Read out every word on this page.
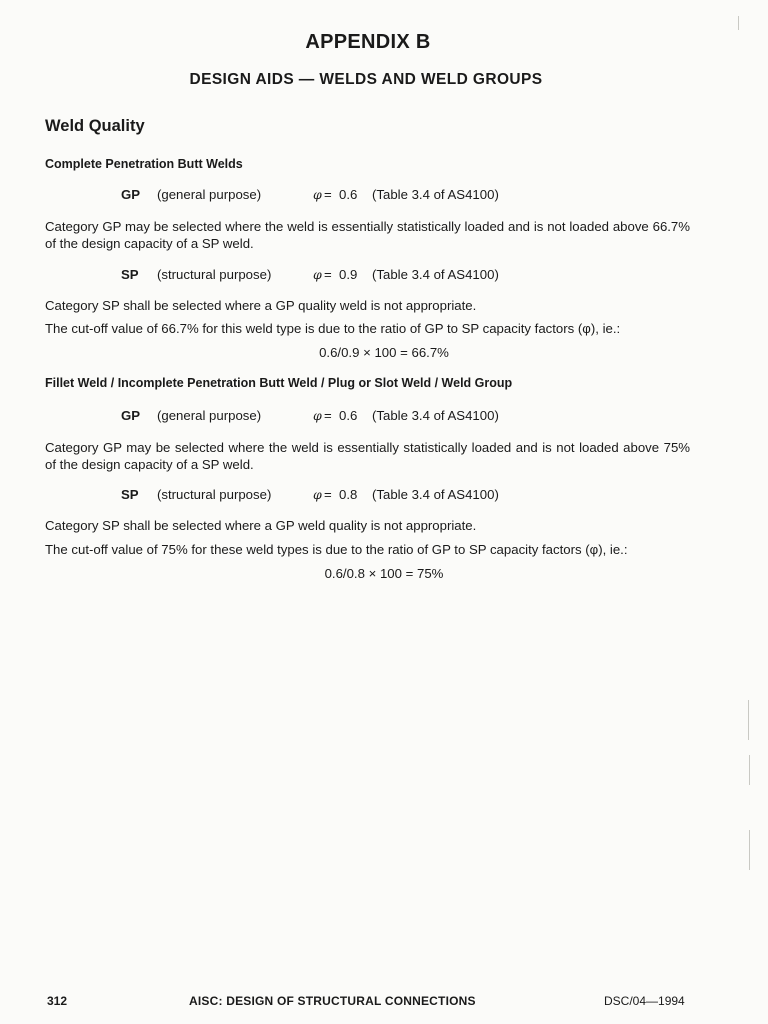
APPENDIX B
DESIGN AIDS — WELDS AND WELD GROUPS
Weld Quality
Complete Penetration Butt Welds
GP (general purpose)	φ = 0.6 (Table 3.4 of AS4100)
Category GP may be selected where the weld is essentially statistically loaded and is not loaded above 66.7% of the design capacity of a SP weld.
SP (structural purpose)	φ = 0.9 (Table 3.4 of AS4100)
Category SP shall be selected where a GP quality weld is not appropriate.
The cut-off value of 66.7% for this weld type is due to the ratio of GP to SP capacity factors (φ), ie.:
0.6/0.9 × 100 = 66.7%
Fillet Weld / Incomplete Penetration Butt Weld / Plug or Slot Weld / Weld Group
GP (general purpose)	φ = 0.6 (Table 3.4 of AS4100)
Category GP may be selected where the weld is essentially statistically loaded and is not loaded above 75% of the design capacity of a SP weld.
SP (structural purpose)	φ = 0.8 (Table 3.4 of AS4100)
Category SP shall be selected where a GP weld quality is not appropriate.
The cut-off value of 75% for these weld types is due to the ratio of GP to SP capacity factors (φ), ie.:
0.6/0.8 × 100 = 75%
312	AISC: DESIGN OF STRUCTURAL CONNECTIONS	DSC/04—1994
